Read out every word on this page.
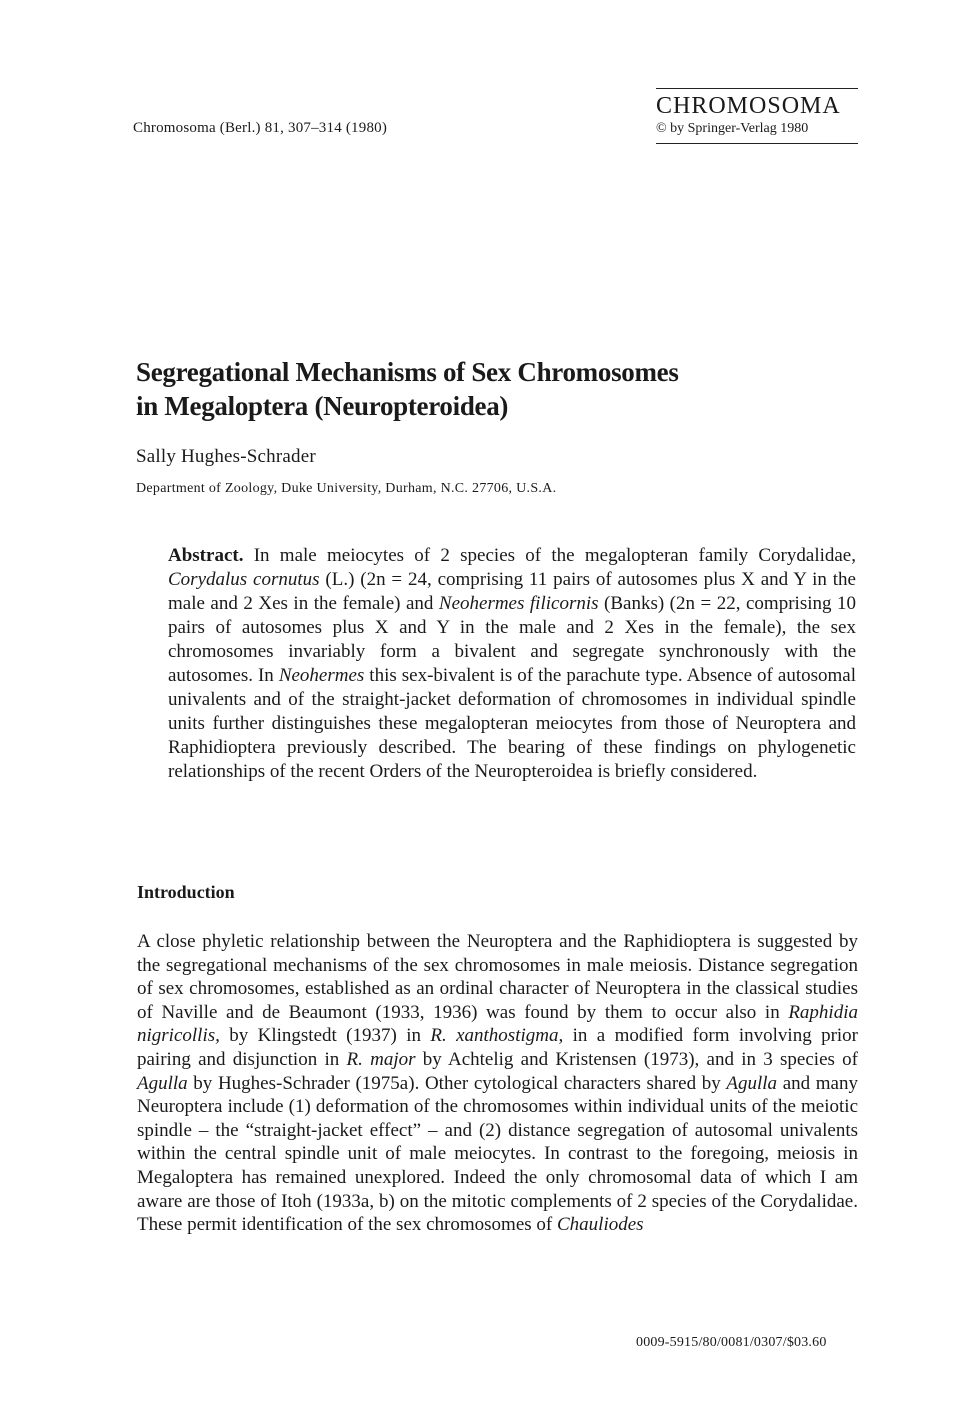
Chromosoma (Berl.) 81, 307–314 (1980)
CHROMOSOMA
© by Springer-Verlag 1980
Segregational Mechanisms of Sex Chromosomes
in Megaloptera (Neuropteroidea)
Sally Hughes-Schrader
Department of Zoology, Duke University, Durham, N.C. 27706, U.S.A.

Abstract. In male meiocytes of 2 species of the megalopteran family Corydalidae, Corydalus cornutus (L.) (2n = 24, comprising 11 pairs of autosomes plus X and Y in the male and 2 Xes in the female) and Neohermes filicornis (Banks) (2n = 22, comprising 10 pairs of autosomes plus X and Y in the male and 2 Xes in the female), the sex chromosomes invariably form a bivalent and segregate synchronously with the autosomes. In Neohermes this sex-bivalent is of the parachute type. Absence of autosomal univalents and of the straight-jacket deformation of chromosomes in individual spindle units further distinguishes these megalopteran meiocytes from those of Neuroptera and Raphidioptera previously described. The bearing of these findings on phylogenetic relationships of the recent Orders of the Neuropteroidea is briefly considered.

Introduction

A close phyletic relationship between the Neuroptera and the Raphidioptera is suggested by the segregational mechanisms of the sex chromosomes in male meiosis. Distance segregation of sex chromosomes, established as an ordinal character of Neuroptera in the classical studies of Naville and de Beaumont (1933, 1936) was found by them to occur also in Raphidia nigricollis, by Klingstedt (1937) in R. xanthostigma, in a modified form involving prior pairing and disjunction in R. major by Achtelig and Kristensen (1973), and in 3 species of Agulla by Hughes-Schrader (1975a). Other cytological characters shared by Agulla and many Neuroptera include (1) deformation of the chromosomes within individual units of the meiotic spindle – the “straight-jacket effect” – and (2) distance segregation of autosomal univalents within the central spindle unit of male meiocytes. In contrast to the foregoing, meiosis in Megaloptera has remained unexplored. Indeed the only chromosomal data of which I am aware are those of Itoh (1933a, b) on the mitotic complements of 2 species of the Corydalidae. These permit identification of the sex chromosomes of Chauliodes

0009-5915/80/0081/0307/$03.60
